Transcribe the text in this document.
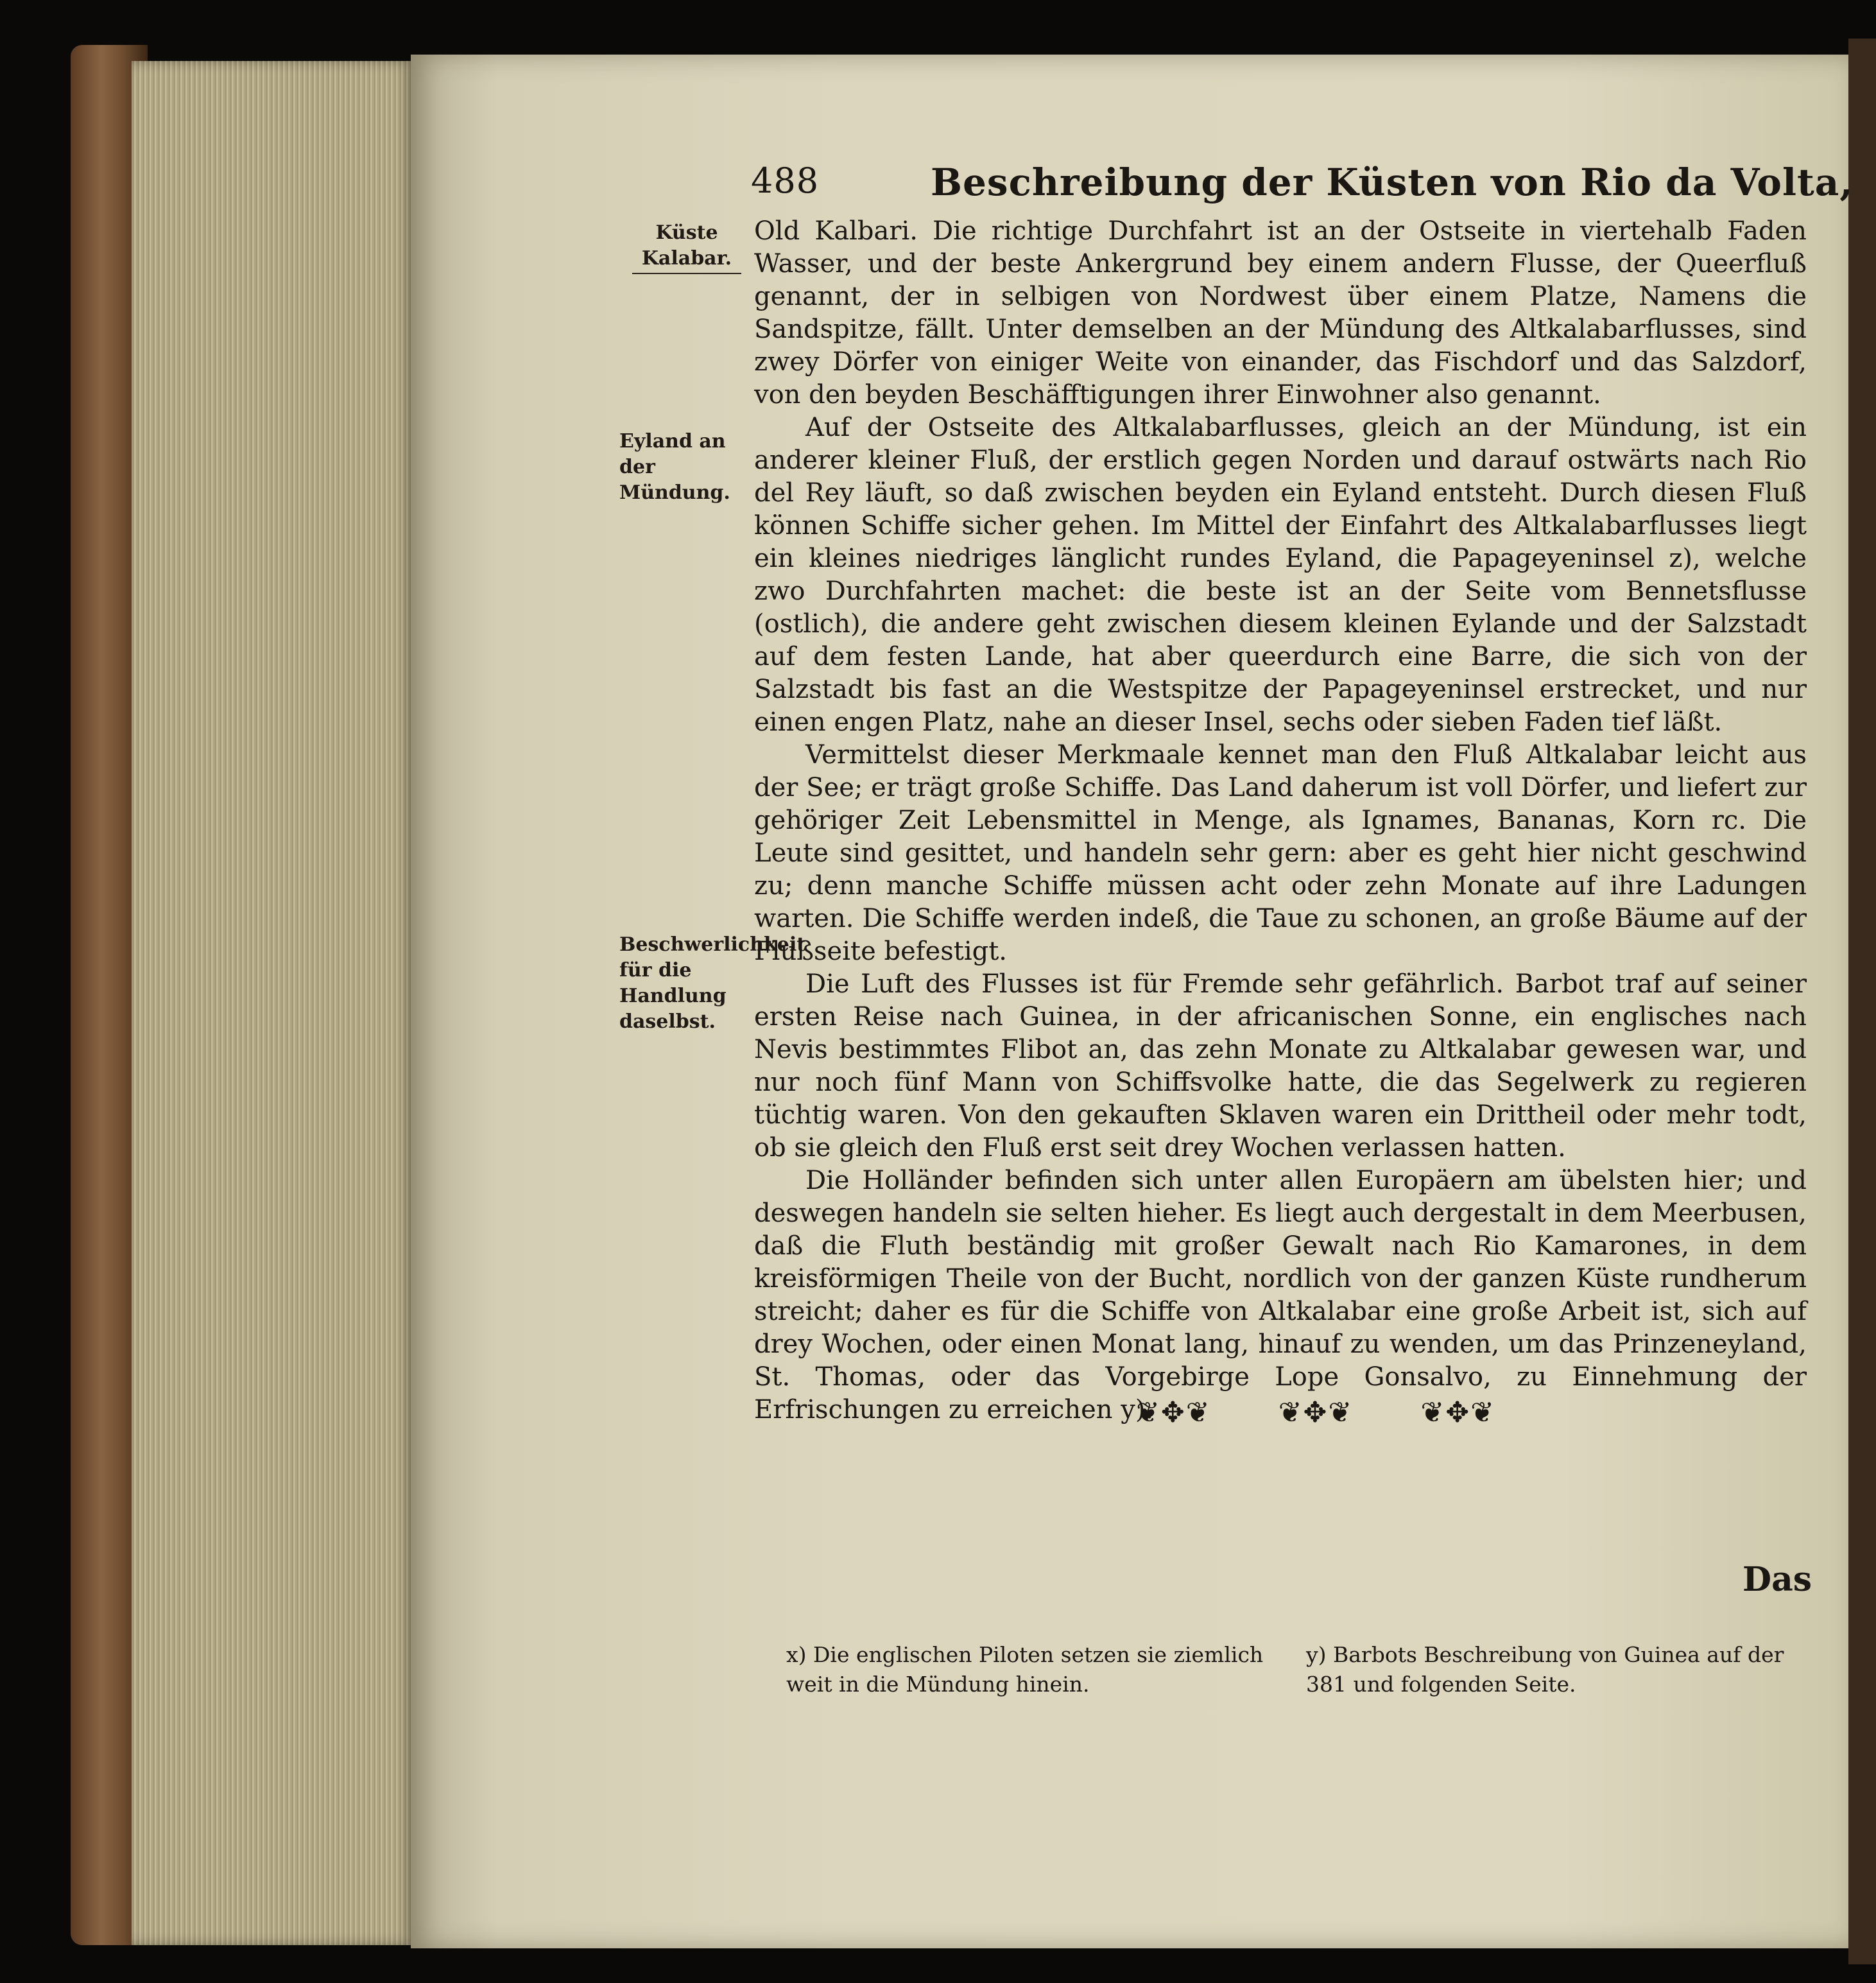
488	Beschreibung der Küsten von Rio da Volta,
Küste Kalabar.
Eyland an der Mündung.
Beschwerlichkeit für die Handlung daselbst.

Old Kalbari. Die richtige Durchfahrt ist an der Ostseite in viertehalb Faden Wasser, und der beste Ankergrund bey einem andern Flusse, der Queerfluß genannt, der in selbigen von Nordwest über einem Platze, Namens die Sandspitze, fällt. Unter demselben an der Mündung des Altkalabarflusses, sind zwey Dörfer von einiger Weite von einander, das Fischdorf und das Salzdorf, von den beyden Beschäfftigungen ihrer Einwohner also genannt.

Auf der Ostseite des Altkalabarflusses, gleich an der Mündung, ist ein anderer kleiner Fluß, der erstlich gegen Norden und darauf ostwärts nach Rio del Rey läuft, so daß zwischen beyden ein Eyland entsteht. Durch diesen Fluß können Schiffe sicher gehen. Im Mittel der Einfahrt des Altkalabarflusses liegt ein kleines niedriges länglicht rundes Eyland, die Papageyeninsel z), welche zwo Durchfahrten machet: die beste ist an der Seite vom Bennetsflusse (ostlich), die andere geht zwischen diesem kleinen Eylande und der Salzstadt auf dem festen Lande, hat aber queerdurch eine Barre, die sich von der Salzstadt bis fast an die Westspitze der Papageyeninsel erstrecket, und nur einen engen Platz, nahe an dieser Insel, sechs oder sieben Faden tief läßt.

Vermittelst dieser Merkmaale kennet man den Fluß Altkalabar leicht aus der See; er trägt große Schiffe. Das Land daherum ist voll Dörfer, und liefert zur gehöriger Zeit Lebensmittel in Menge, als Ignames, Bananas, Korn rc. Die Leute sind gesittet, und handeln sehr gern: aber es geht hier nicht geschwind zu; denn manche Schiffe müssen acht oder zehn Monate auf ihre Ladungen warten. Die Schiffe werden indeß, die Taue zu schonen, an große Bäume auf der Flußseite befestigt.

Die Luft des Flusses ist für Fremde sehr gefährlich. Barbot traf auf seiner ersten Reise nach Guinea, in der africanischen Sonne, ein englisches nach Nevis bestimmtes Flibot an, das zehn Monate zu Altkalabar gewesen war, und nur noch fünf Mann von Schiffsvolke hatte, die das Segelwerk zu regieren tüchtig waren. Von den gekauften Sklaven waren ein Drittheil oder mehr todt, ob sie gleich den Fluß erst seit drey Wochen verlassen hatten.

Die Holländer befinden sich unter allen Europäern am übelsten hier; und deswegen handeln sie selten hieher. Es liegt auch dergestalt in dem Meerbusen, daß die Fluth beständig mit großer Gewalt nach Rio Kamarones, in dem kreisförmigen Theile von der Bucht, nordlich von der ganzen Küste rundherum streicht; daher es für die Schiffe von Altkalabar eine große Arbeit ist, sich auf drey Wochen, oder einen Monat lang, hinauf zu wenden, um das Prinzeneyland, St. Thomas, oder das Vorgebirge Lope Gonsalvo, zu Einnehmung der Erfrischungen zu erreichen y).

❦✥❦ ❦✥❦ ❦✥❦
Das
x) Die englischen Piloten setzen sie ziemlich weit in die Mündung hinein.
y) Barbots Beschreibung von Guinea auf der 381 und folgenden Seite.
